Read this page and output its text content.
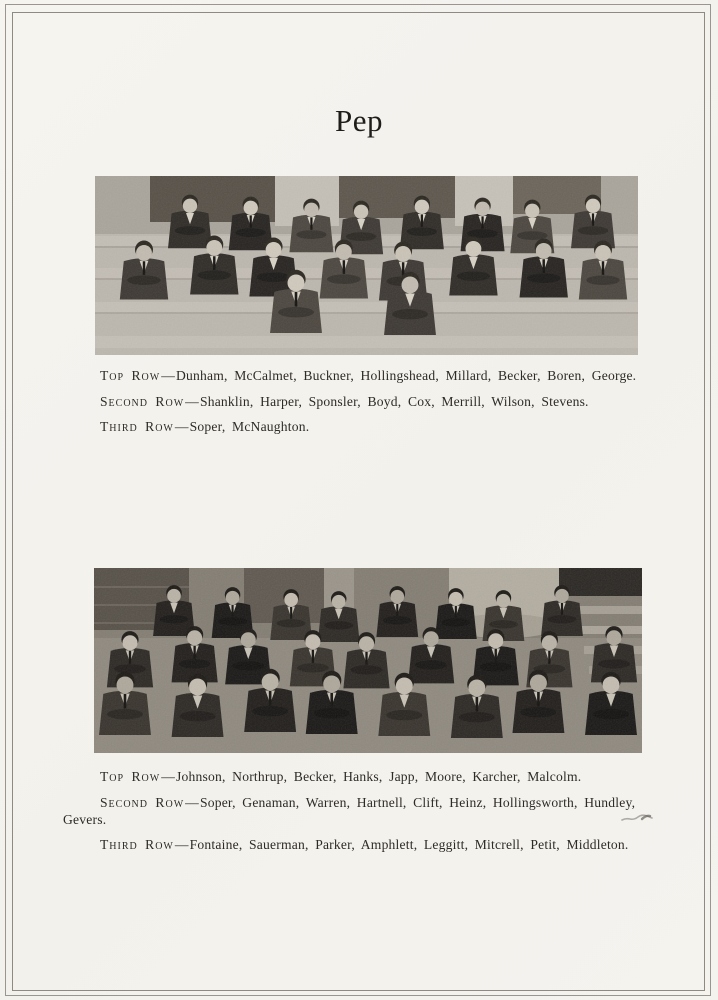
Pep

Top Row—Dunham, McCalmet, Buckner, Hollingshead, Millard, Becker, Boren, George.

Second Row—Shanklin, Harper, Sponsler, Boyd, Cox, Merrill, Wilson, Stevens.

Third Row—Soper, McNaughton.

Top Row—Johnson, Northrup, Becker, Hanks, Japp, Moore, Karcher, Malcolm.

Second Row—Soper, Genaman, Warren, Hartnell, Clift, Heinz, Hollingsworth, Hundley, Gevers.

Third Row—Fontaine, Sauerman, Parker, Amphlett, Leggitt, Mitcrell, Petit, Middleton.
